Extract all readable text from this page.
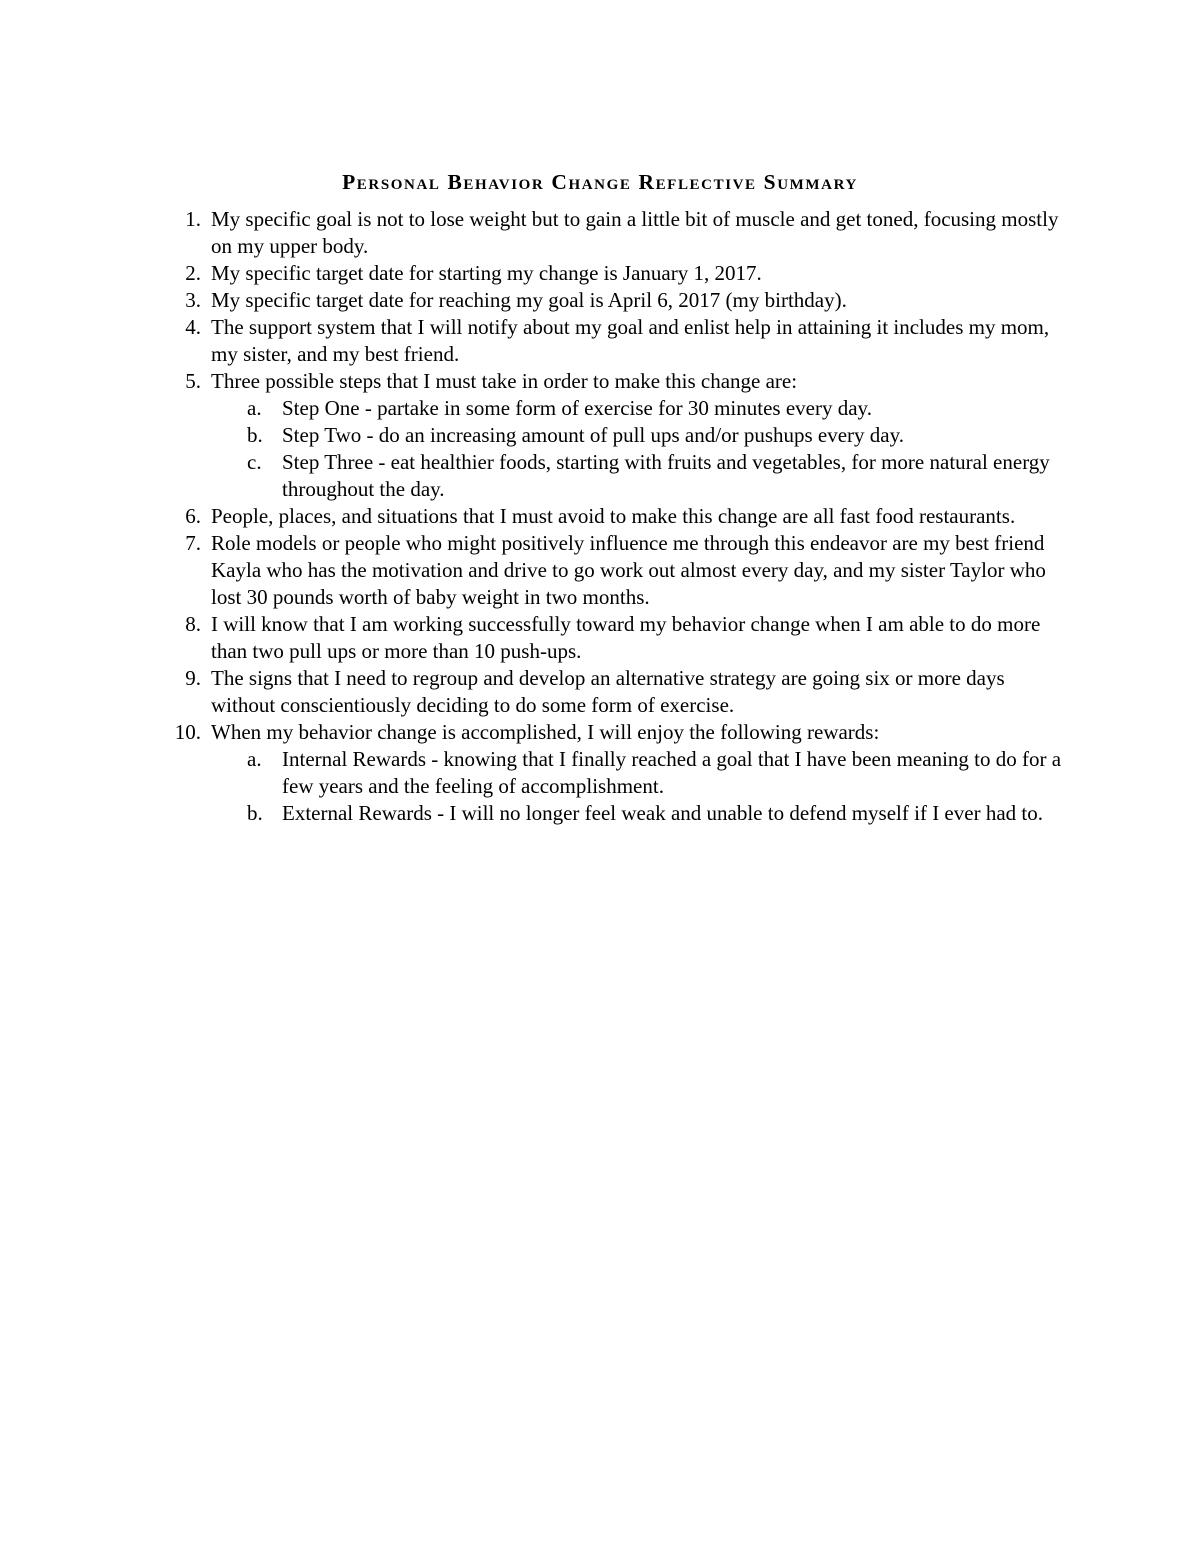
Personal Behavior Change Reflective Summary
1. My specific goal is not to lose weight but to gain a little bit of muscle and get toned, focusing mostly on my upper body.
2. My specific target date for starting my change is January 1, 2017.
3. My specific target date for reaching my goal is April 6, 2017 (my birthday).
4. The support system that I will notify about my goal and enlist help in attaining it includes my mom, my sister, and my best friend.
5. Three possible steps that I must take in order to make this change are:
a. Step One - partake in some form of exercise for 30 minutes every day.
b. Step Two - do an increasing amount of pull ups and/or pushups every day.
c. Step Three - eat healthier foods, starting with fruits and vegetables, for more natural energy throughout the day.
6. People, places, and situations that I must avoid to make this change are all fast food restaurants.
7. Role models or people who might positively influence me through this endeavor are my best friend Kayla who has the motivation and drive to go work out almost every day, and my sister Taylor who lost 30 pounds worth of baby weight in two months.
8. I will know that I am working successfully toward my behavior change when I am able to do more than two pull ups or more than 10 push-ups.
9. The signs that I need to regroup and develop an alternative strategy are going six or more days without conscientiously deciding to do some form of exercise.
10. When my behavior change is accomplished, I will enjoy the following rewards:
a. Internal Rewards - knowing that I finally reached a goal that I have been meaning to do for a few years and the feeling of accomplishment.
b. External Rewards - I will no longer feel weak and unable to defend myself if I ever had to.
